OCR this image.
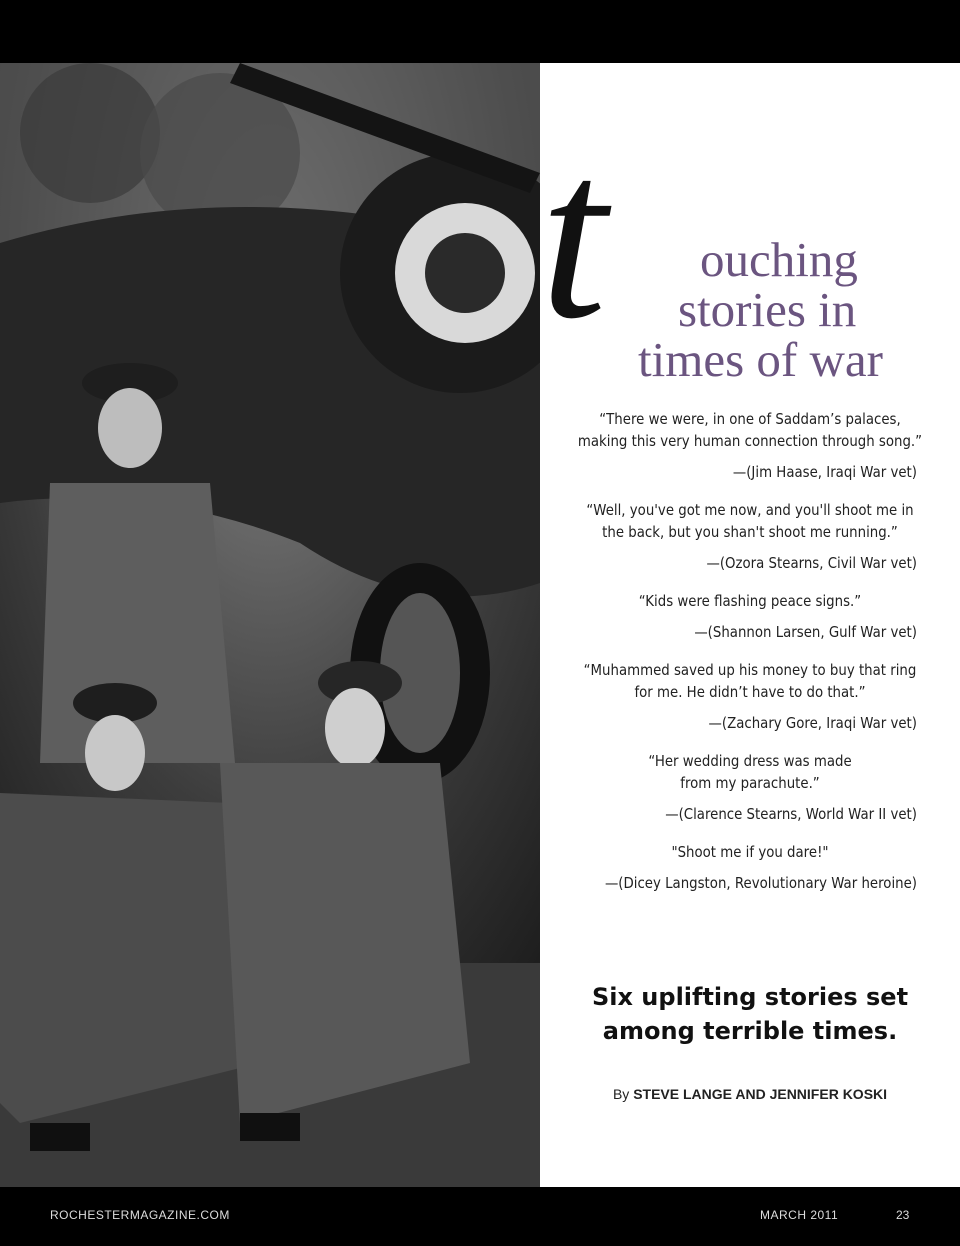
t ouching
stories in
times of war
“There we were, in one of Saddam’s palaces,
making this very human connection through song.”
—(Jim Haase, Iraqi War vet)
“Well, you've got me now, and you'll shoot me in
the back, but you shan't shoot me running.”
—(Ozora Stearns, Civil War vet)
“Kids were flashing peace signs.”
—(Shannon Larsen, Gulf War vet)
“Muhammed saved up his money to buy that ring
for me. He didn’t have to do that.”
—(Zachary Gore, Iraqi War vet)
“Her wedding dress was made
from my parachute.”
—(Clarence Stearns, World War II vet)
"Shoot me if you dare!"
—(Dicey Langston, Revolutionary War heroine)
Six uplifting stories set
among terrible times.
By STEVE LANGE AND JENNIFER KOSKI
ROCHESTERMAGAZINE.COM	MARCH 2011	23
